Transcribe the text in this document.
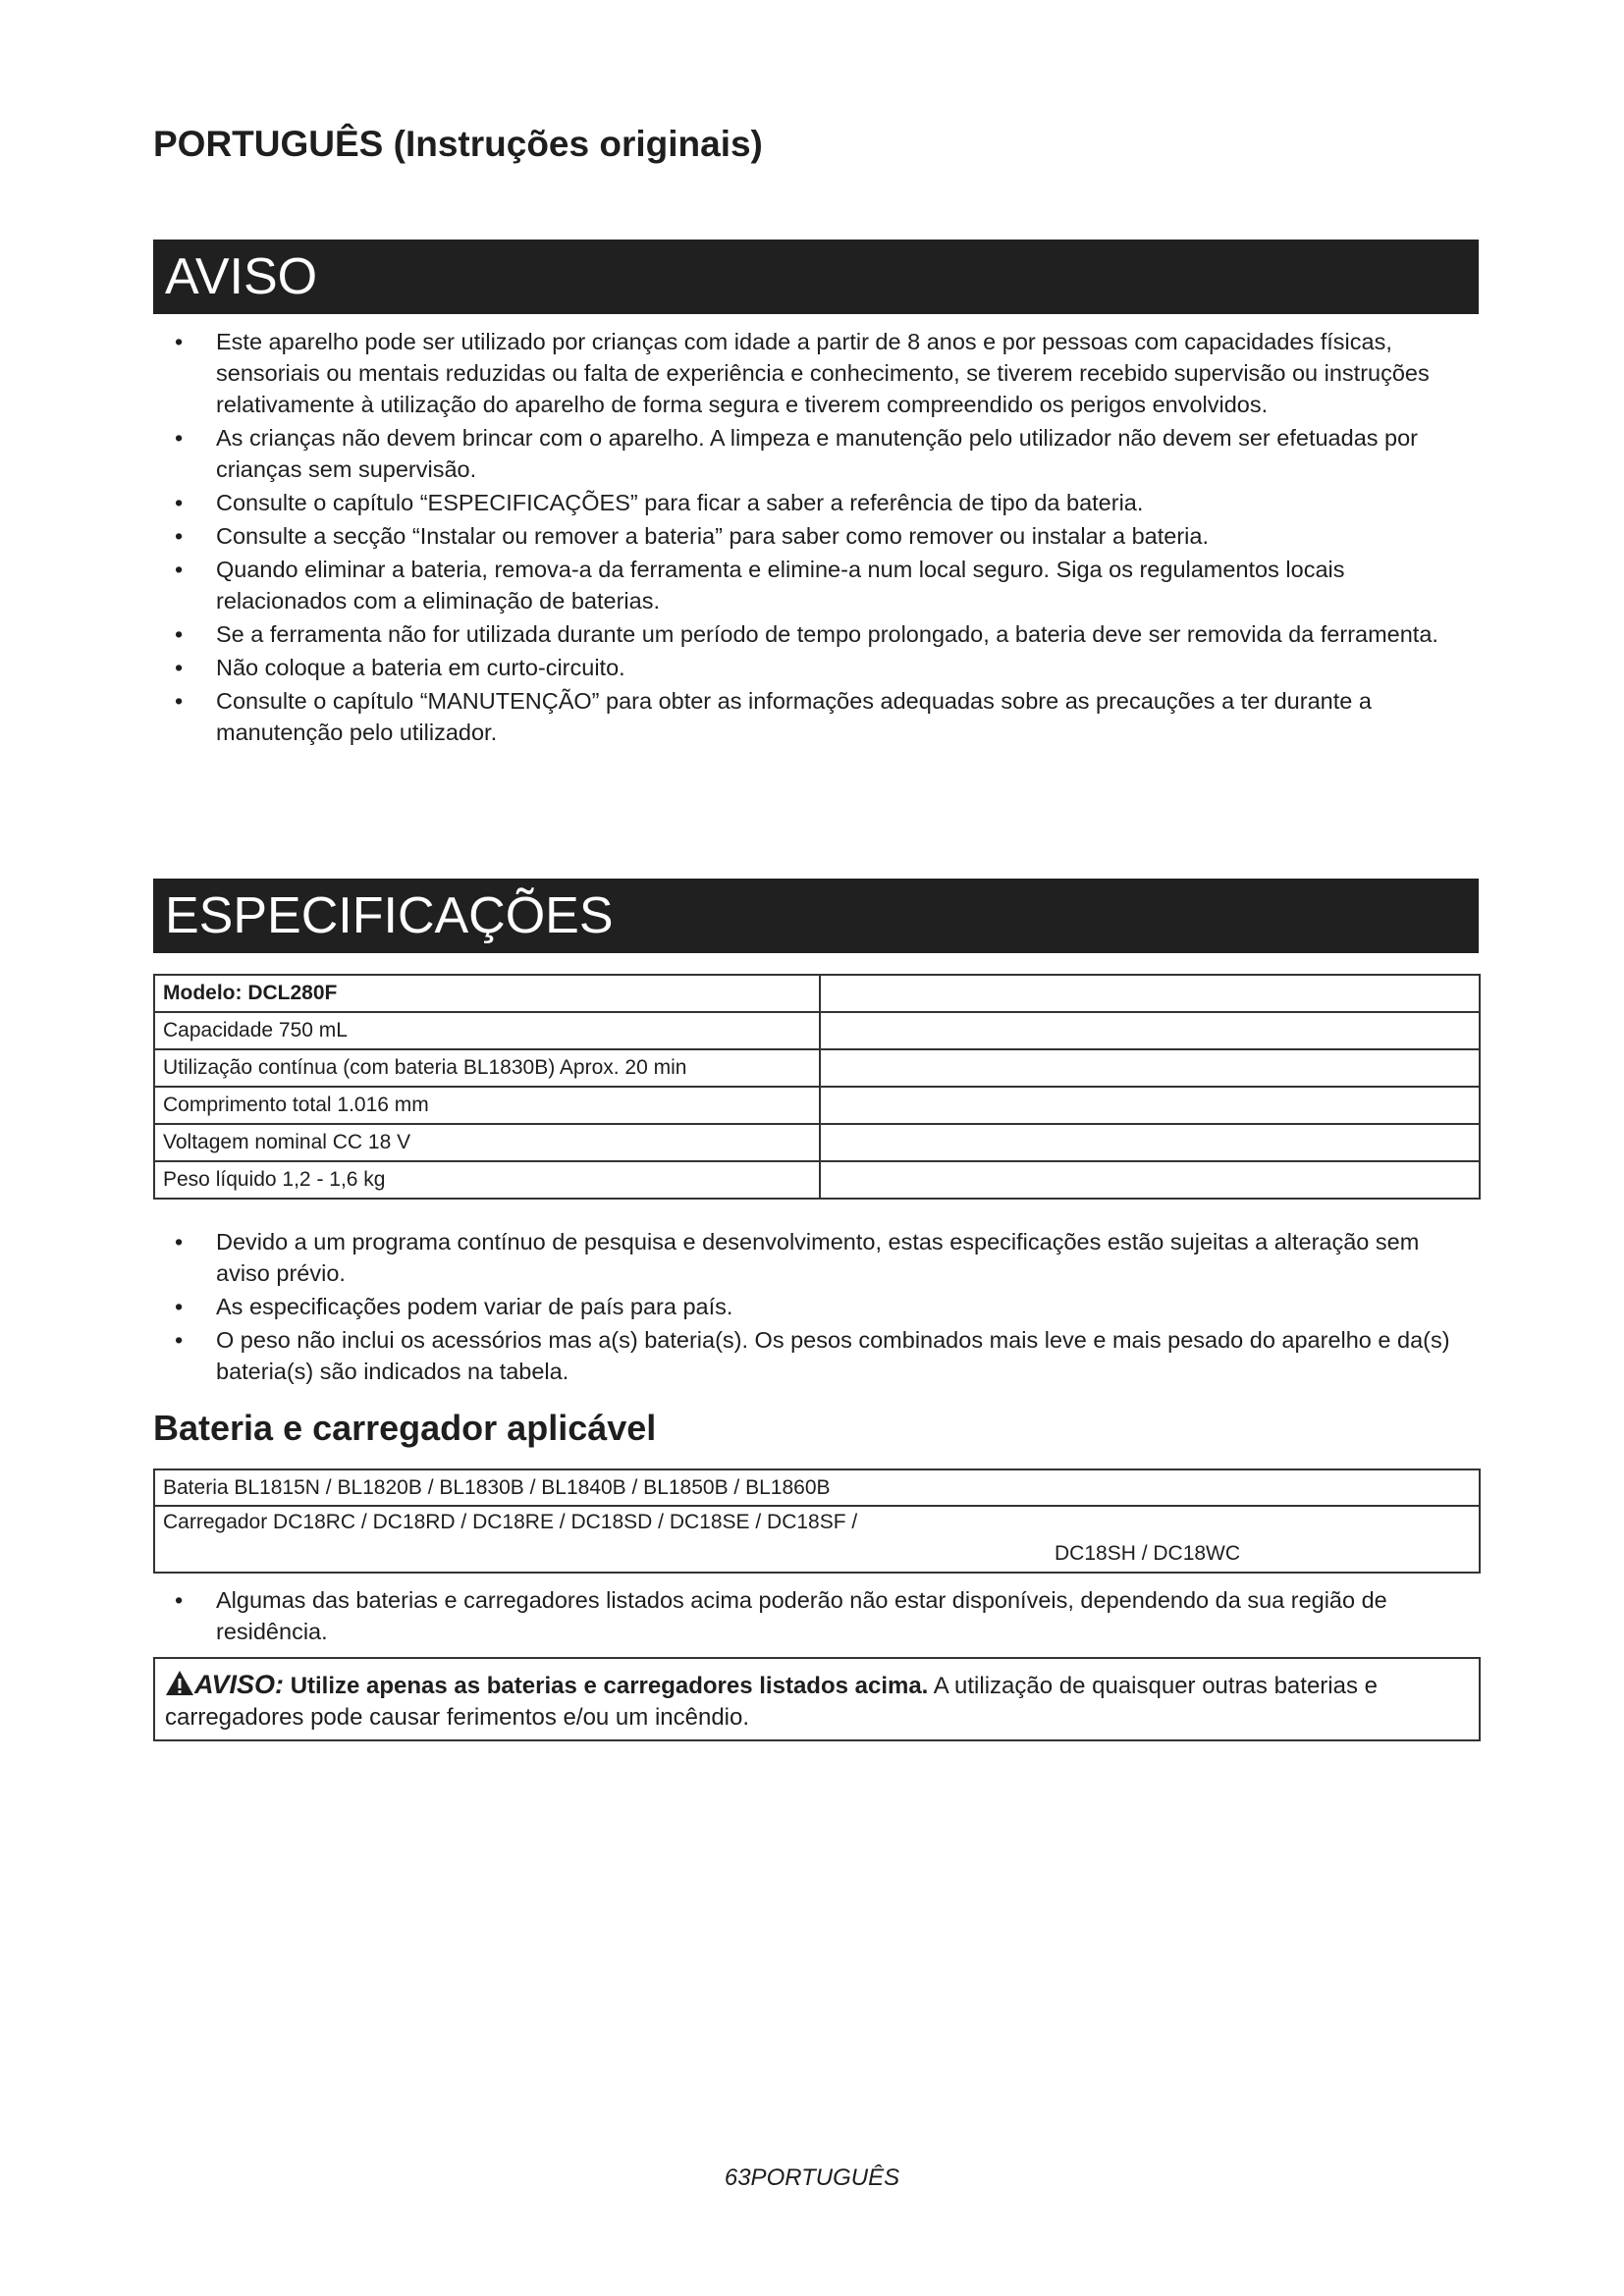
PORTUGUÊS (Instruções originais)
AVISO
• Este aparelho pode ser utilizado por crianças com idade a partir de 8 anos e por pessoas com capacidades físicas, sensoriais ou mentais reduzidas ou falta de experiência e conhecimento, se tiverem recebido supervisão ou instruções relativamente à utilização do aparelho de forma segura e tiverem compreendido os perigos envolvidos.
• As crianças não devem brincar com o aparelho. A limpeza e manutenção pelo utilizador não devem ser efetuadas por crianças sem supervisão.
• Consulte o capítulo “ESPECIFICAÇÕES” para ficar a saber a referência de tipo da bateria.
• Consulte a secção “Instalar ou remover a bateria” para saber como remover ou instalar a bateria.
• Quando eliminar a bateria, remova-a da ferramenta e elimine-a num local seguro. Siga os regulamentos locais relacionados com a eliminação de baterias.
• Se a ferramenta não for utilizada durante um período de tempo prolongado, a bateria deve ser removida da ferramenta.
• Não coloque a bateria em curto-circuito.
• Consulte o capítulo “MANUTENÇÃO” para obter as informações adequadas sobre as precauções a ter durante a manutenção pelo utilizador.
ESPECIFICAÇÕES
Modelo: DCL280F	
Capacidade 750 mL	
Utilização contínua (com bateria BL1830B) Aprox. 20 min	
Comprimento total 1.016 mm	
Voltagem nominal CC 18 V	
Peso líquido 1,2 - 1,6 kg	
• Devido a um programa contínuo de pesquisa e desenvolvimento, estas especificações estão sujeitas a alteração sem aviso prévio.
• As especificações podem variar de país para país.
• O peso não inclui os acessórios mas a(s) bateria(s). Os pesos combinados mais leve e mais pesado do aparelho e da(s) bateria(s) são indicados na tabela.
Bateria e carregador aplicável
Bateria BL1815N / BL1820B / BL1830B / BL1840B / BL1850B / BL1860B

Carregador DC18RC / DC18RD / DC18RE / DC18SD / DC18SE / DC18SF /
DC18SH / DC18WC
• Algumas das baterias e carregadores listados acima poderão não estar disponíveis, dependendo da sua região de residência.
AVISO: Utilize apenas as baterias e carregadores listados acima. A utilização de quaisquer outras baterias e carregadores pode causar ferimentos e/ou um incêndio.
63PORTUGUÊS
